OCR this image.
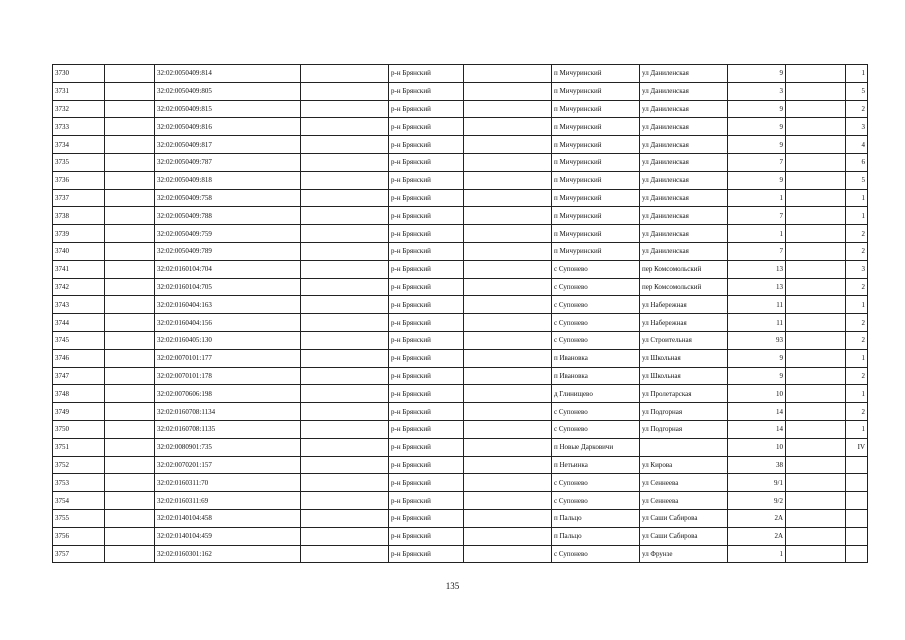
3730		32:02:0050409:814		р-н Брянский		п Мичуринский	ул Даниленская	9		1
3731		32:02:0050409:805		р-н Брянский		п Мичуринский	ул Даниленская	3		5
3732		32:02:0050409:815		р-н Брянский		п Мичуринский	ул Даниленская	9		2
3733		32:02:0050409:816		р-н Брянский		п Мичуринский	ул Даниленская	9		3
3734		32:02:0050409:817		р-н Брянский		п Мичуринский	ул Даниленская	9		4
3735		32:02:0050409:787		р-н Брянский		п Мичуринский	ул Даниленская	7		6
3736		32:02:0050409:818		р-н Брянский		п Мичуринский	ул Даниленская	9		5
3737		32:02:0050409:758		р-н Брянский		п Мичуринский	ул Даниленская	1		1
3738		32:02:0050409:788		р-н Брянский		п Мичуринский	ул Даниленская	7		1
3739		32:02:0050409:759		р-н Брянский		п Мичуринский	ул Даниленская	1		2
3740		32:02:0050409:789		р-н Брянский		п Мичуринский	ул Даниленская	7		2
3741		32:02:0160104:704		р-н Брянский		с Супонево	пер Комсомольский	13		3
3742		32:02:0160104:705		р-н Брянский		с Супонево	пер Комсомольский	13		2
3743		32:02:0160404:163		р-н Брянский		с Супонево	ул Набережная	11		1
3744		32:02:0160404:156		р-н Брянский		с Супонево	ул Набережная	11		2
3745		32:02:0160405:130		р-н Брянский		с Супонево	ул Строительная	93		2
3746		32:02:0070101:177		р-н Брянский		п Ивановка	ул Школьная	9		1
3747		32:02:0070101:178		р-н Брянский		п Ивановка	ул Школьная	9		2
3748		32:02:0070606:198		р-н Брянский		д Глинищево	ул Пролетарская	10		1
3749		32:02:0160708:1134		р-н Брянский		с Супонево	ул Подгорная	14		2
3750		32:02:0160708:1135		р-н Брянский		с Супонево	ул Подгорная	14		1
3751		32:02:0080901:735		р-н Брянский		п Новые Дарковичи		10		IV
3752		32:02:0070201:157		р-н Брянский		п Нетьинка	ул Кирова	38		
3753		32:02:0160311:70		р-н Брянский		с Супонево	ул Сеннеева	9/1		
3754		32:02:0160311:69		р-н Брянский		с Супонево	ул Сеннеева	9/2		
3755		32:02:0140104:458		р-н Брянский		п Пальцо	ул Саши Сабирова	2А		
3756		32:02:0140104:459		р-н Брянский		п Пальцо	ул Саши Сабирова	2А		
3757		32:02:0160301:162		р-н Брянский		с Супонево	ул Фрунзе	1		
135
